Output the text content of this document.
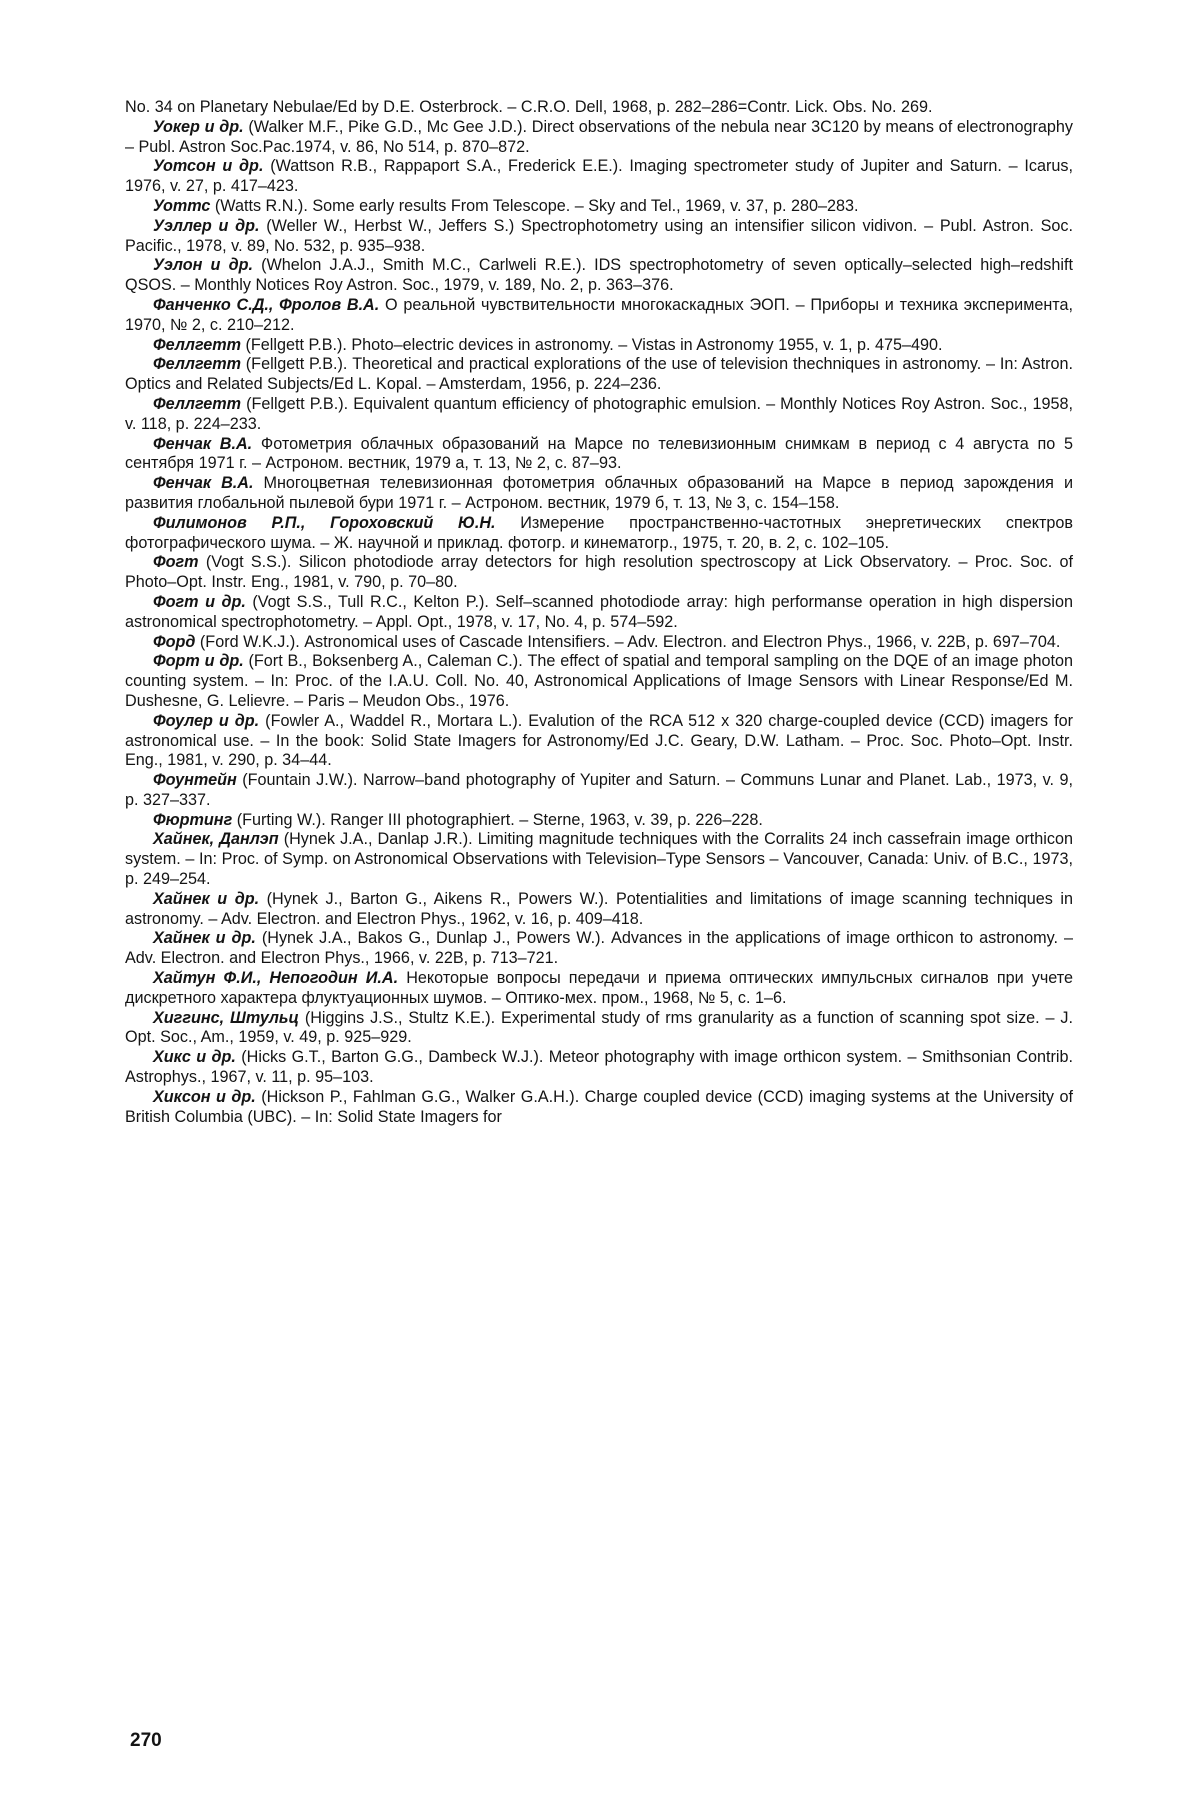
No. 34 on Planetary Nebulae/Ed by D.E. Osterbrock. – C.R.O. Dell, 1968, p. 282–286=Contr. Lick. Obs. No. 269.

Уокер и др. (Walker M.F., Pike G.D., Mc Gee J.D.). Direct observations of the nebula near 3C120 by means of electronography – Publ. Astron Soc.Pac.1974, v. 86, No 514, p. 870–872.

Уотсон и др. (Wattson R.B., Rappaport S.A., Frederick E.E.). Imaging spectrometer study of Jupiter and Saturn. – Icarus, 1976, v. 27, p. 417–423.

Уоттс (Watts R.N.). Some early results From Telescope. – Sky and Tel., 1969, v. 37, p. 280–283.

Уэллер и др. (Weller W., Herbst W., Jeffers S.) Spectrophotometry using an intensifier silicon vidivon. – Publ. Astron. Soc. Pacific., 1978, v. 89, No. 532, p. 935–938.

Уэлон и др. (Whelon J.A.J., Smith M.C., Carlweli R.E.). IDS spectrophotometry of seven optically–selected high–redshift QSOS. – Monthly Notices Roy Astron. Soc., 1979, v. 189, No. 2, p. 363–376.

Фанченко С.Д., Фролов В.А. О реальной чувствительности многокаскадных ЭОП. – Приборы и техника эксперимента, 1970, № 2, с. 210–212.

Феллгетт (Fellgett P.B.). Photo–electric devices in astronomy. – Vistas in Astronomy 1955, v. 1, p. 475–490.

Феллгетт (Fellgett P.B.). Theoretical and practical explorations of the use of television thechniques in astronomy. – In: Astron. Optics and Related Subjects/Ed L. Kopal. – Amsterdam, 1956, p. 224–236.

Феллгетт (Fellgett P.B.). Equivalent quantum efficiency of photographic emulsion. – Monthly Notices Roy Astron. Soc., 1958, v. 118, p. 224–233.

Фенчак В.А. Фотометрия облачных образований на Марсе по телевизионным снимкам в период с 4 августа по 5 сентября 1971 г. – Астроном. вестник, 1979 а, т. 13, № 2, с. 87–93.

Фенчак В.А. Многоцветная телевизионная фотометрия облачных образований на Марсе в период зарождения и развития глобальной пылевой бури 1971 г. – Астроном. вестник, 1979 б, т. 13, № 3, с. 154–158.

Филимонов Р.П., Гороховский Ю.Н. Измерение пространственно-частотных энергетических спектров фотографического шума. – Ж. научной и приклад. фотогр. и кинематогр., 1975, т. 20, в. 2, с. 102–105.

Фогт (Vogt S.S.). Silicon photodiode array detectors for high resolution spectroscopy at Lick Observatory. – Proc. Soc. of Photo–Opt. Instr. Eng., 1981, v. 790, p. 70–80.

Фогт и др. (Vogt S.S., Tull R.C., Kelton P.). Self–scanned photodiode array: high performanse operation in high dispersion astronomical spectrophotometry. – Appl. Opt., 1978, v. 17, No. 4, p. 574–592.

Форд (Ford W.K.J.). Astronomical uses of Cascade Intensifiers. – Adv. Electron. and Electron Phys., 1966, v. 22B, p. 697–704.

Форт и др. (Fort B., Boksenberg A., Caleman C.). The effect of spatial and temporal sampling on the DQE of an image photon counting system. – In: Proc. of the I.A.U. Coll. No. 40, Astronomical Applications of Image Sensors with Linear Response/Ed M. Dushesne, G. Lelievre. – Paris – Meudon Obs., 1976.

Фоулер и др. (Fowler A., Waddel R., Mortara L.). Evalution of the RCA 512 x 320 charge-coupled device (CCD) imagers for astronomical use. – In the book: Solid State Imagers for Astronomy/Ed J.C. Geary, D.W. Latham. – Proc. Soc. Photo–Opt. Instr. Eng., 1981, v. 290, p. 34–44.

Фоунтейн (Fountain J.W.). Narrow–band photography of Yupiter and Saturn. – Communs Lunar and Planet. Lab., 1973, v. 9, p. 327–337.

Фюртинг (Furting W.). Ranger III photographiert. – Sterne, 1963, v. 39, p. 226–228.

Хайнек, Данлэп (Hynek J.A., Danlap J.R.). Limiting magnitude techniques with the Corralits 24 inch cassefrain image orthicon system. – In: Proc. of Symp. on Astronomical Observations with Television–Type Sensors – Vancouver, Canada: Univ. of B.C., 1973, p. 249–254.

Хайнек и др. (Hynek J., Barton G., Aikens R., Powers W.). Potentialities and limitations of image scanning techniques in astronomy. – Adv. Electron. and Electron Phys., 1962, v. 16, p. 409–418.

Хайнек и др. (Hynek J.A., Bakos G., Dunlap J., Powers W.). Advances in the applications of image orthicon to astronomy. – Adv. Electron. and Electron Phys., 1966, v. 22B, p. 713–721.

Хайтун Ф.И., Непогодин И.А. Некоторые вопросы передачи и приема оптических импульсных сигналов при учете дискретного характера флуктуационных шумов. – Оптико-мех. пром., 1968, № 5, с. 1–6.

Хиггинс, Штульц (Higgins J.S., Stultz K.E.). Experimental study of rms granularity as a function of scanning spot size. – J. Opt. Soc., Am., 1959, v. 49, p. 925–929.

Хикс и др. (Hicks G.T., Barton G.G., Dambeck W.J.). Meteor photography with image orthicon system. – Smithsonian Contrib. Astrophys., 1967, v. 11, p. 95–103.

Хиксон и др. (Hickson P., Fahlman G.G., Walker G.A.H.). Charge coupled device (CCD) imaging systems at the University of British Columbia (UBC). – In: Solid State Imagers for

270
